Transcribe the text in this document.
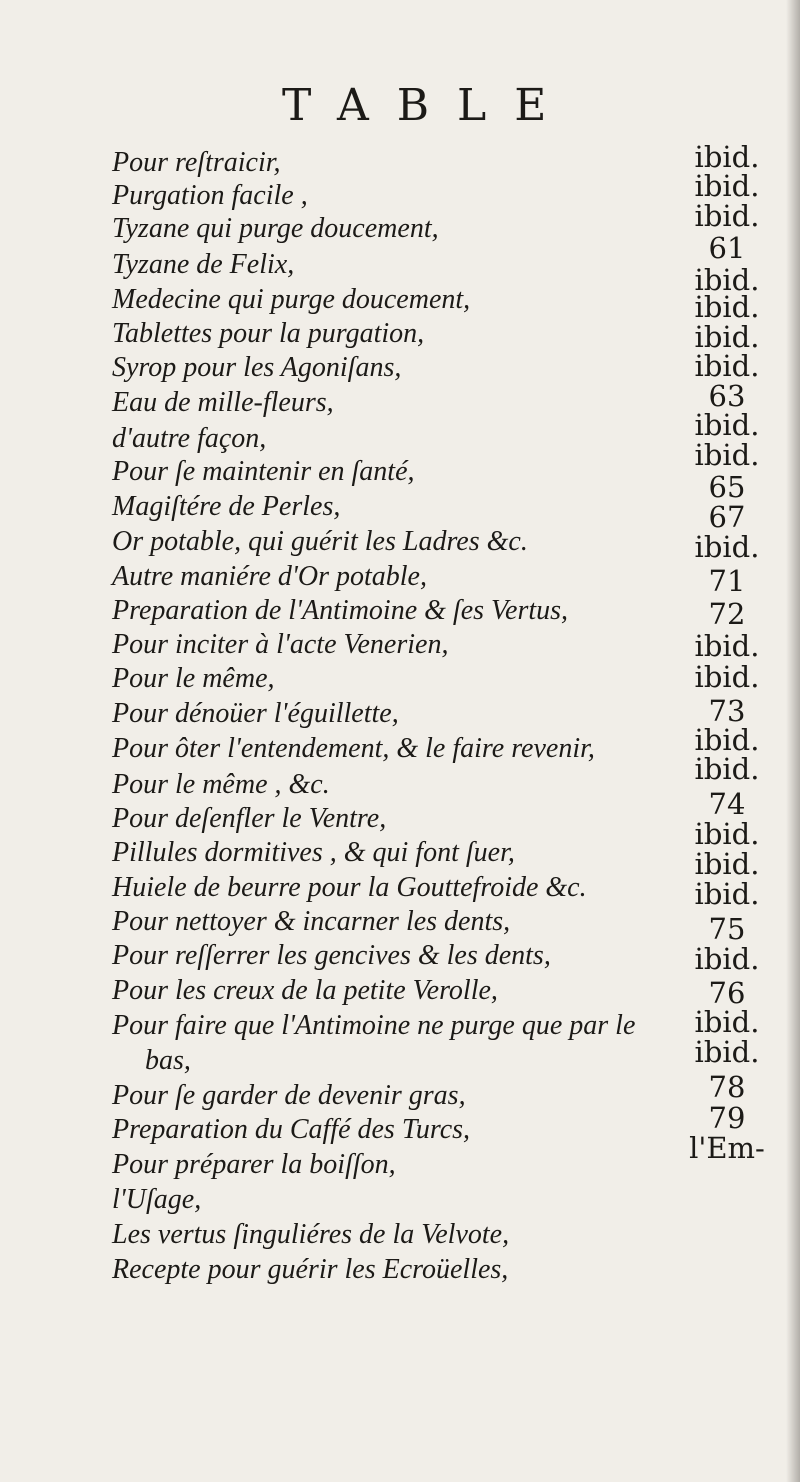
TABLE
Pour reſtraicir,
Purgation facile ,
Tyzane qui purge doucement,
Tyzane de Felix,
Medecine qui purge doucement,
Tablettes pour la purgation,
Syrop pour les Agoniſans,
Eau de mille-fleurs,
d'autre façon,
Pour ſe maintenir en ſanté,
Magiſtére de Perles,
Or potable, qui guérit les Ladres &c.
Autre maniére d'Or potable,
Preparation de l'Antimoine & ſes Vertus,
Pour inciter à l'acte Venerien,
Pour le même,
Pour dénoüer l'éguillette,
Pour ôter l'entendement, & le faire revenir,
Pour le même , &c.
Pour deſenfler le Ventre,
Pillules dormitives , & qui font ſuer,
Huiele de beurre pour la Gouttefroide &c.
Pour nettoyer & incarner les dents,
Pour reſſerrer les gencives & les dents,
Pour les creux de la petite Verolle,
Pour faire que l'Antimoine ne purge que par le
bas,
Pour ſe garder de devenir gras,
Preparation du Caffé des Turcs,
Pour préparer la boiſſon,
l'Uſage,
Les vertus ſinguliéres de la Velvote,
Recepte pour guérir les Ecroüelles,
ibid.
ibid.
ibid.
61
ibid.
ibid.
ibid.
ibid.
63
ibid.
ibid.
65
67
ibid.
71
72
ibid.
ibid.
73
ibid.
ibid.
74
ibid.
ibid.
ibid.
75
ibid.
76
ibid.
ibid.
78
79
l'Em-
